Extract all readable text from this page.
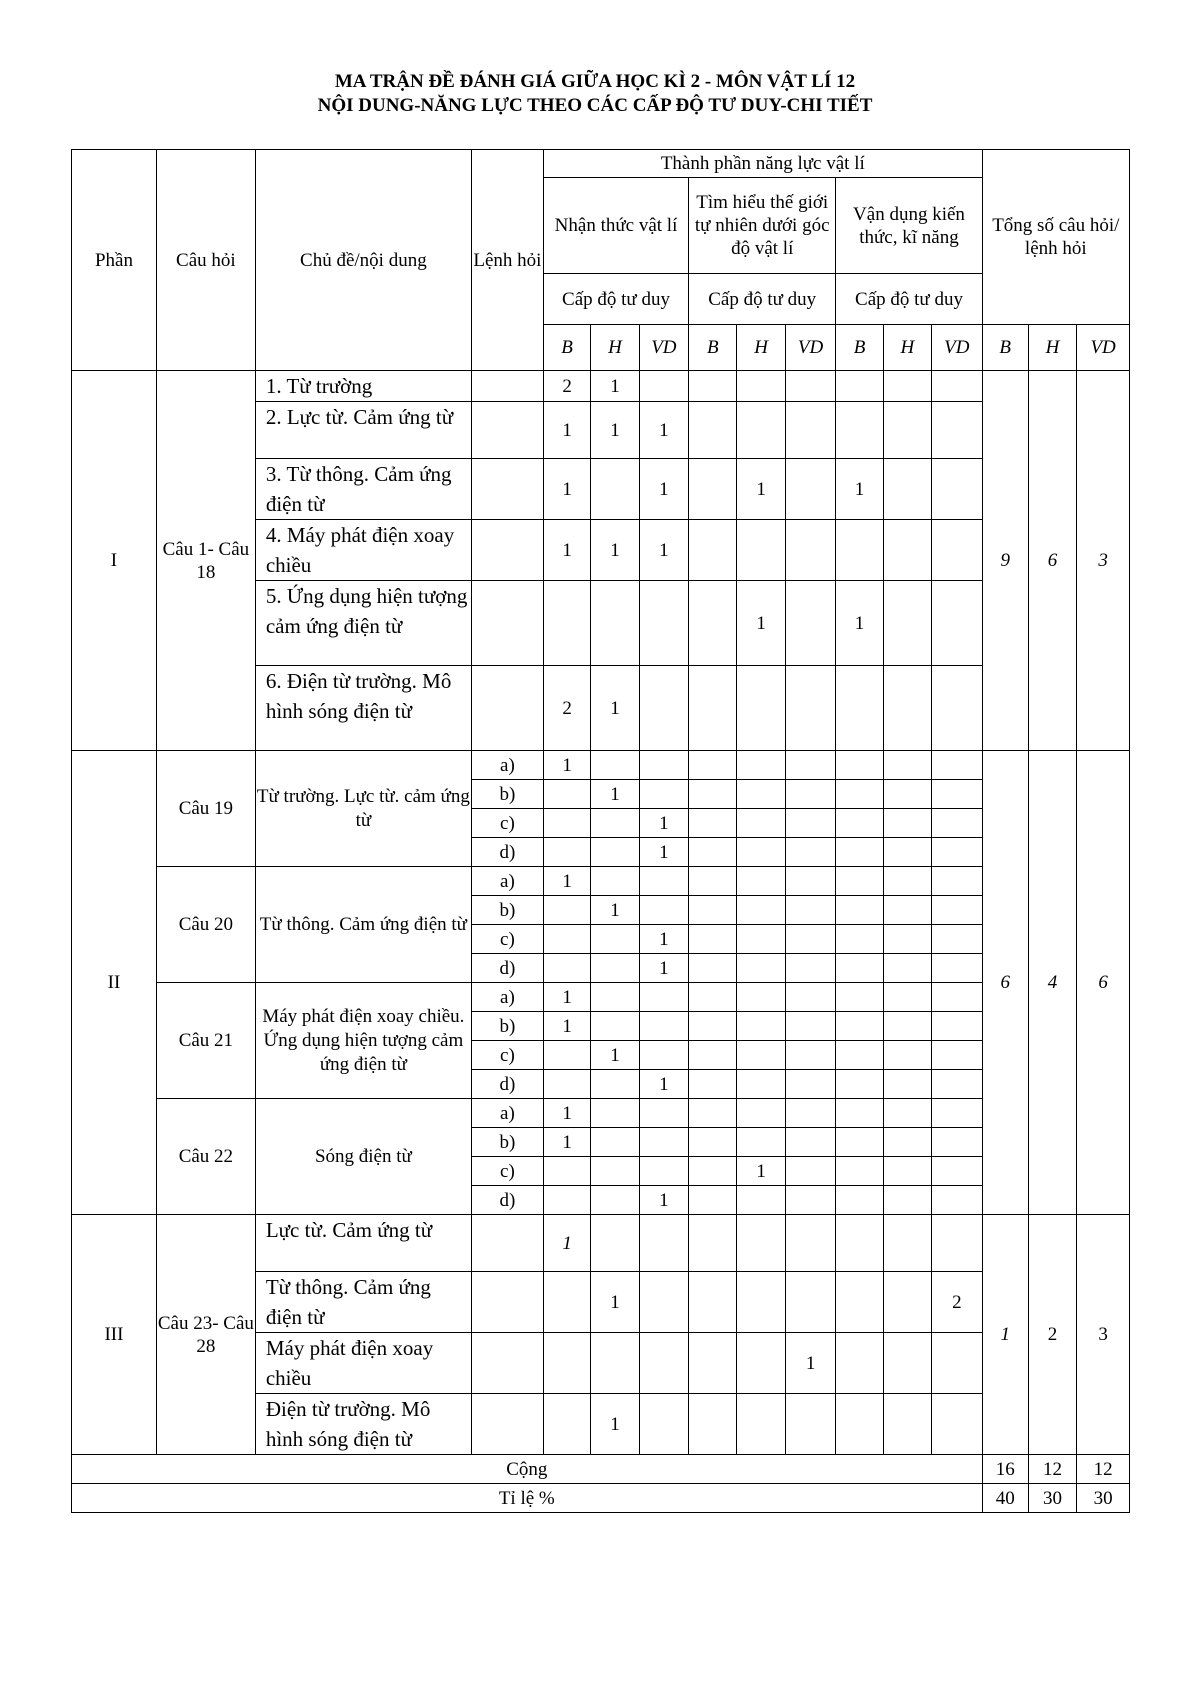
MA TRẬN ĐỀ ĐÁNH GIÁ GIỮA HỌC KÌ 2 - MÔN VẬT LÍ 12
NỘI DUNG-NĂNG LỰC THEO CÁC CẤP ĐỘ TƯ DUY-CHI TIẾT
Phần	Câu hỏi	Chủ đề/nội dung	Lệnh hỏi	Thành phần năng lực vật lí									Tổng số câu hỏi/ lệnh hỏi		
				Nhận thức vật lí			Tìm hiểu thế giới tự nhiên dưới góc độ vật lí			Vận dụng kiến thức, kĩ năng					
				Cấp độ tư duy			Cấp độ tư duy			Cấp độ tư duy					
				B	H	VD	B	H	VD	B	H	VD	B	H	VD
I	Câu 1- Câu 18	1. Từ trường		2	1								9	6	3
		2. Lực từ. Cảm ứng từ		1	1	1									
		3. Từ thông. Cảm ứng điện từ		1		1		1		1					
		4. Máy phát điện xoay chiều		1	1	1									
		5. Ứng dụng hiện tượng cảm ứng điện từ						1		1					
		6. Điện từ trường. Mô hình sóng điện từ		2	1										
II	Câu 19	Từ trường. Lực từ. cảm ứng từ	a)	1									6	4	6
			b)		1										
			c)			1									
			d)			1									
	Câu 20	Từ thông. Cảm ứng điện từ	a)	1											
			b)		1										
			c)			1									
			d)			1									
	Câu 21	Máy phát điện xoay chiều. Ứng dụng hiện tượng cảm ứng điện từ	a)	1											
			b)	1											
			c)		1										
			d)			1									
	Câu 22	Sóng điện từ	a)	1											
			b)	1											
			c)					1							
			d)			1									
III	Câu 23- Câu 28	Lực từ. Cảm ứng từ		1									1	2	3
		Từ thông. Cảm ứng điện từ			1							2			
		Máy phát điện xoay chiều							1						
		Điện từ trường. Mô hình sóng điện từ			1										
Cộng													16	12	12
Tỉ lệ %													40	30	30
